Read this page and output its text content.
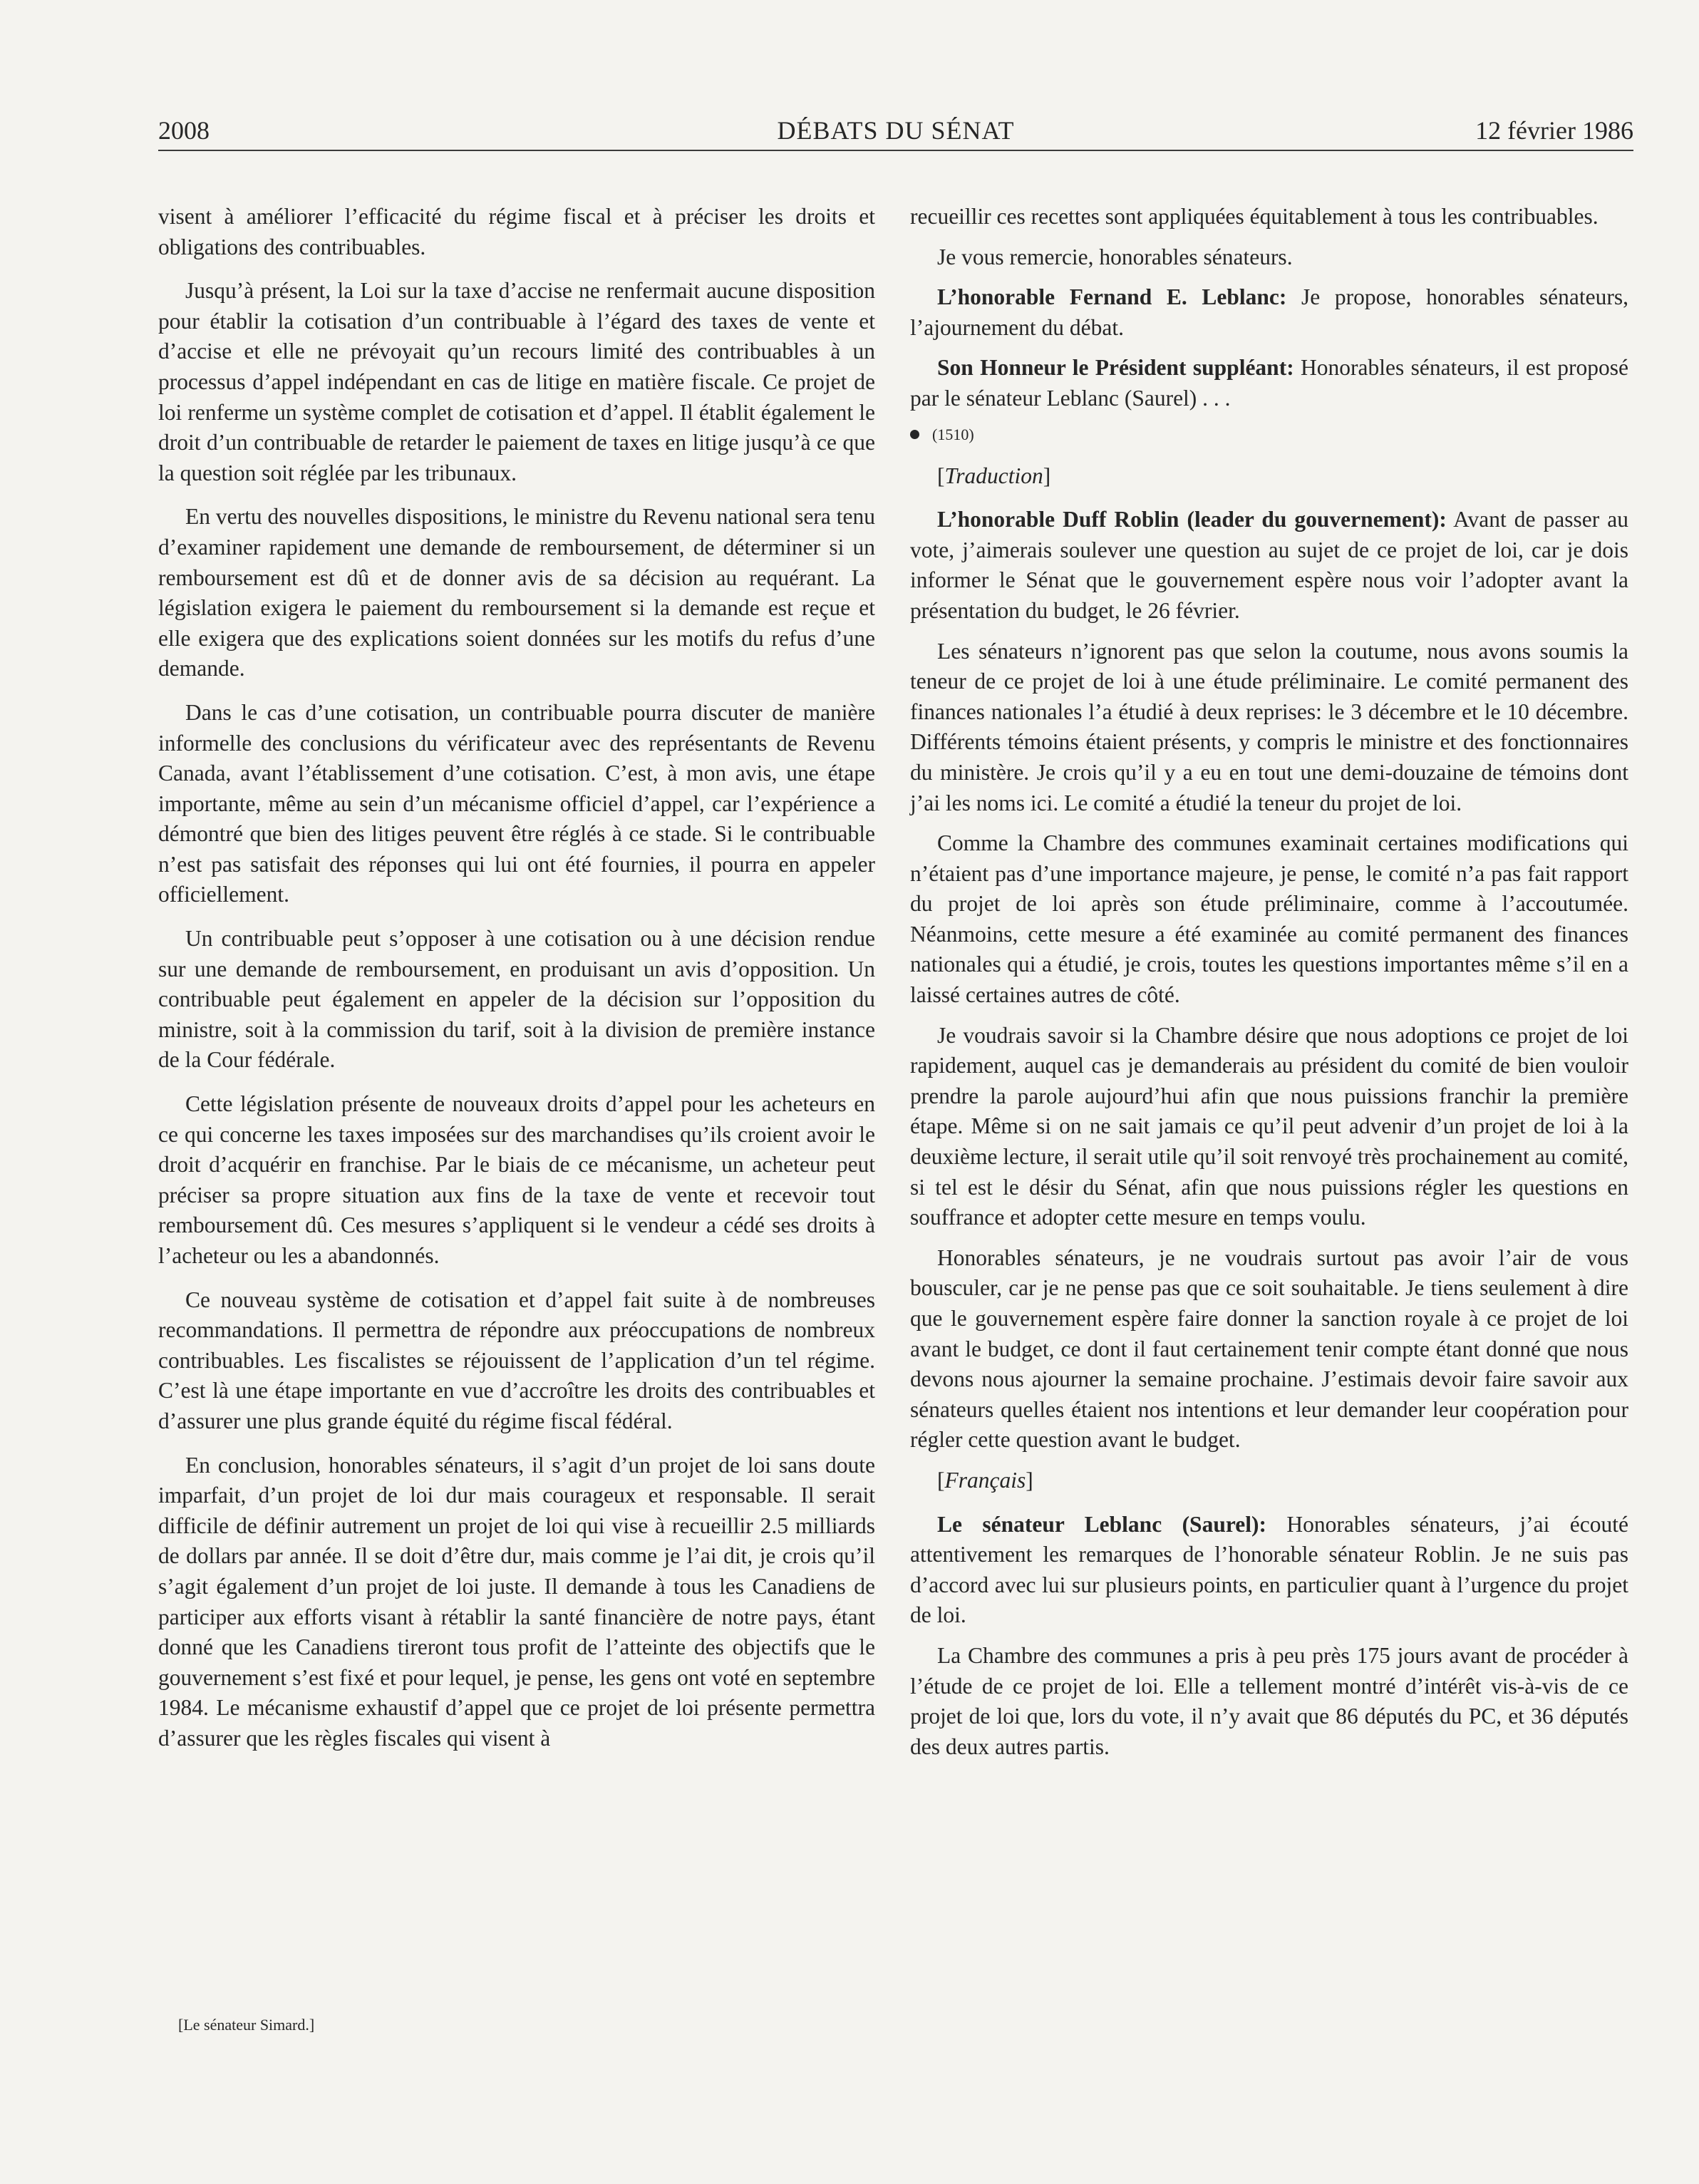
2008	DÉBATS DU SÉNAT	12 février 1986

visent à améliorer l’efficacité du régime fiscal et à préciser les droits et obligations des contribuables.

Jusqu’à présent, la Loi sur la taxe d’accise ne renfermait aucune disposition pour établir la cotisation d’un contribuable à l’égard des taxes de vente et d’accise et elle ne prévoyait qu’un recours limité des contribuables à un processus d’appel indépendant en cas de litige en matière fiscale. Ce projet de loi renferme un système complet de cotisation et d’appel. Il établit également le droit d’un contribuable de retarder le paiement de taxes en litige jusqu’à ce que la question soit réglée par les tribunaux.

En vertu des nouvelles dispositions, le ministre du Revenu national sera tenu d’examiner rapidement une demande de remboursement, de déterminer si un remboursement est dû et de donner avis de sa décision au requérant. La législation exigera le paiement du remboursement si la demande est reçue et elle exigera que des explications soient données sur les motifs du refus d’une demande.

Dans le cas d’une cotisation, un contribuable pourra discuter de manière informelle des conclusions du vérificateur avec des représentants de Revenu Canada, avant l’établissement d’une cotisation. C’est, à mon avis, une étape importante, même au sein d’un mécanisme officiel d’appel, car l’expérience a démontré que bien des litiges peuvent être réglés à ce stade. Si le contribuable n’est pas satisfait des réponses qui lui ont été fournies, il pourra en appeler officiellement.

Un contribuable peut s’opposer à une cotisation ou à une décision rendue sur une demande de remboursement, en produisant un avis d’opposition. Un contribuable peut également en appeler de la décision sur l’opposition du ministre, soit à la commission du tarif, soit à la division de première instance de la Cour fédérale.

Cette législation présente de nouveaux droits d’appel pour les acheteurs en ce qui concerne les taxes imposées sur des marchandises qu’ils croient avoir le droit d’acquérir en franchise. Par le biais de ce mécanisme, un acheteur peut préciser sa propre situation aux fins de la taxe de vente et recevoir tout remboursement dû. Ces mesures s’appliquent si le vendeur a cédé ses droits à l’acheteur ou les a abandonnés.

Ce nouveau système de cotisation et d’appel fait suite à de nombreuses recommandations. Il permettra de répondre aux préoccupations de nombreux contribuables. Les fiscalistes se réjouissent de l’application d’un tel régime. C’est là une étape importante en vue d’accroître les droits des contribuables et d’assurer une plus grande équité du régime fiscal fédéral.

En conclusion, honorables sénateurs, il s’agit d’un projet de loi sans doute imparfait, d’un projet de loi dur mais courageux et responsable. Il serait difficile de définir autrement un projet de loi qui vise à recueillir 2.5 milliards de dollars par année. Il se doit d’être dur, mais comme je l’ai dit, je crois qu’il s’agit également d’un projet de loi juste. Il demande à tous les Canadiens de participer aux efforts visant à rétablir la santé financière de notre pays, étant donné que les Canadiens tireront tous profit de l’atteinte des objectifs que le gouvernement s’est fixé et pour lequel, je pense, les gens ont voté en septembre 1984. Le mécanisme exhaustif d’appel que ce projet de loi présente permettra d’assurer que les règles fiscales qui visent à

[Le sénateur Simard.]

recueillir ces recettes sont appliquées équitablement à tous les contribuables.

Je vous remercie, honorables sénateurs.

L’honorable Fernand E. Leblanc: Je propose, honorables sénateurs, l’ajournement du débat.

Son Honneur le Président suppléant: Honorables sénateurs, il est proposé par le sénateur Leblanc (Saurel) . . .

(1510)

[Traduction]

L’honorable Duff Roblin (leader du gouvernement): Avant de passer au vote, j’aimerais soulever une question au sujet de ce projet de loi, car je dois informer le Sénat que le gouvernement espère nous voir l’adopter avant la présentation du budget, le 26 février.

Les sénateurs n’ignorent pas que selon la coutume, nous avons soumis la teneur de ce projet de loi à une étude préliminaire. Le comité permanent des finances nationales l’a étudié à deux reprises: le 3 décembre et le 10 décembre. Différents témoins étaient présents, y compris le ministre et des fonctionnaires du ministère. Je crois qu’il y a eu en tout une demi-douzaine de témoins dont j’ai les noms ici. Le comité a étudié la teneur du projet de loi.

Comme la Chambre des communes examinait certaines modifications qui n’étaient pas d’une importance majeure, je pense, le comité n’a pas fait rapport du projet de loi après son étude préliminaire, comme à l’accoutumée. Néanmoins, cette mesure a été examinée au comité permanent des finances nationales qui a étudié, je crois, toutes les questions importantes même s’il en a laissé certaines autres de côté.

Je voudrais savoir si la Chambre désire que nous adoptions ce projet de loi rapidement, auquel cas je demanderais au président du comité de bien vouloir prendre la parole aujourd’hui afin que nous puissions franchir la première étape. Même si on ne sait jamais ce qu’il peut advenir d’un projet de loi à la deuxième lecture, il serait utile qu’il soit renvoyé très prochainement au comité, si tel est le désir du Sénat, afin que nous puissions régler les questions en souffrance et adopter cette mesure en temps voulu.

Honorables sénateurs, je ne voudrais surtout pas avoir l’air de vous bousculer, car je ne pense pas que ce soit souhaitable. Je tiens seulement à dire que le gouvernement espère faire donner la sanction royale à ce projet de loi avant le budget, ce dont il faut certainement tenir compte étant donné que nous devons nous ajourner la semaine prochaine. J’estimais devoir faire savoir aux sénateurs quelles étaient nos intentions et leur demander leur coopération pour régler cette question avant le budget.

[Français]

Le sénateur Leblanc (Saurel): Honorables sénateurs, j’ai écouté attentivement les remarques de l’honorable sénateur Roblin. Je ne suis pas d’accord avec lui sur plusieurs points, en particulier quant à l’urgence du projet de loi.

La Chambre des communes a pris à peu près 175 jours avant de procéder à l’étude de ce projet de loi. Elle a tellement montré d’intérêt vis-à-vis de ce projet de loi que, lors du vote, il n’y avait que 86 députés du PC, et 36 députés des deux autres partis.
